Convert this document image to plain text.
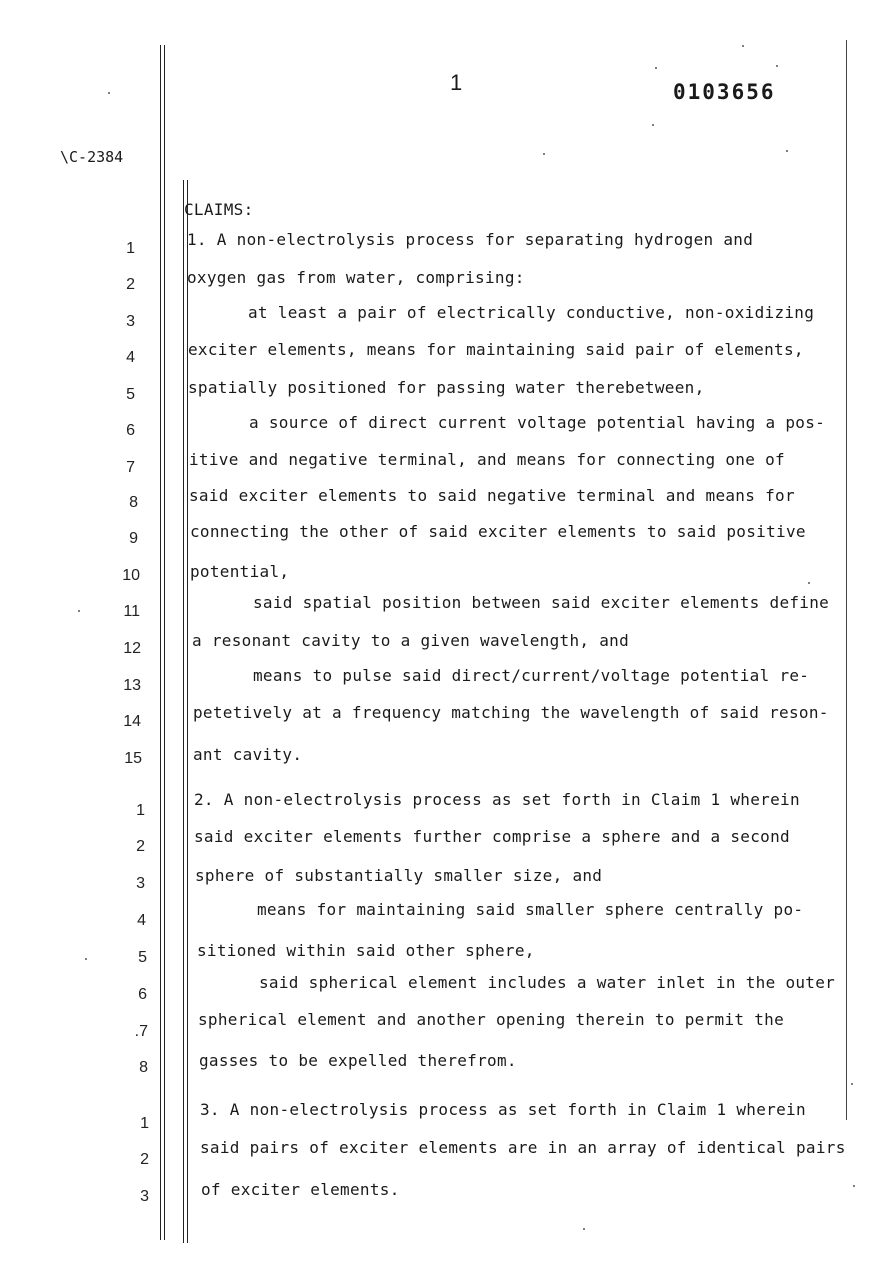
1	0103656
\C-2384
CLAIMS:
1
2
3
4
5
6
7
8
9
10
11
12
13
14
15
1. A non-electrolysis process for separating hydrogen and
oxygen gas from water, comprising:
at least a pair of electrically conductive, non-oxidizing
exciter elements, means for maintaining said pair of elements,
spatially positioned for passing water therebetween,
a source of direct current voltage potential having a pos-
itive and negative terminal, and means for connecting one of
said exciter elements to said negative terminal and means for
connecting the other of said exciter elements to said positive
potential,
said spatial position between said exciter elements define
a resonant cavity to a given wavelength, and
means to pulse said direct/current/voltage potential re-
petetively at a frequency matching the wavelength of said reson-
ant cavity.
1
2
3
4
5
6
.7
8
2. A non-electrolysis process as set forth in Claim 1 wherein
said exciter elements further comprise a sphere and a second
sphere of substantially smaller size, and
means for maintaining said smaller sphere centrally po-
sitioned within said other sphere,
said spherical element includes a water inlet in the outer
spherical element and another opening therein to permit the
gasses to be expelled therefrom.
1
2
3
3. A non-electrolysis process as set forth in Claim 1 wherein
said pairs of exciter elements are in an array of identical pairs
of exciter elements.
